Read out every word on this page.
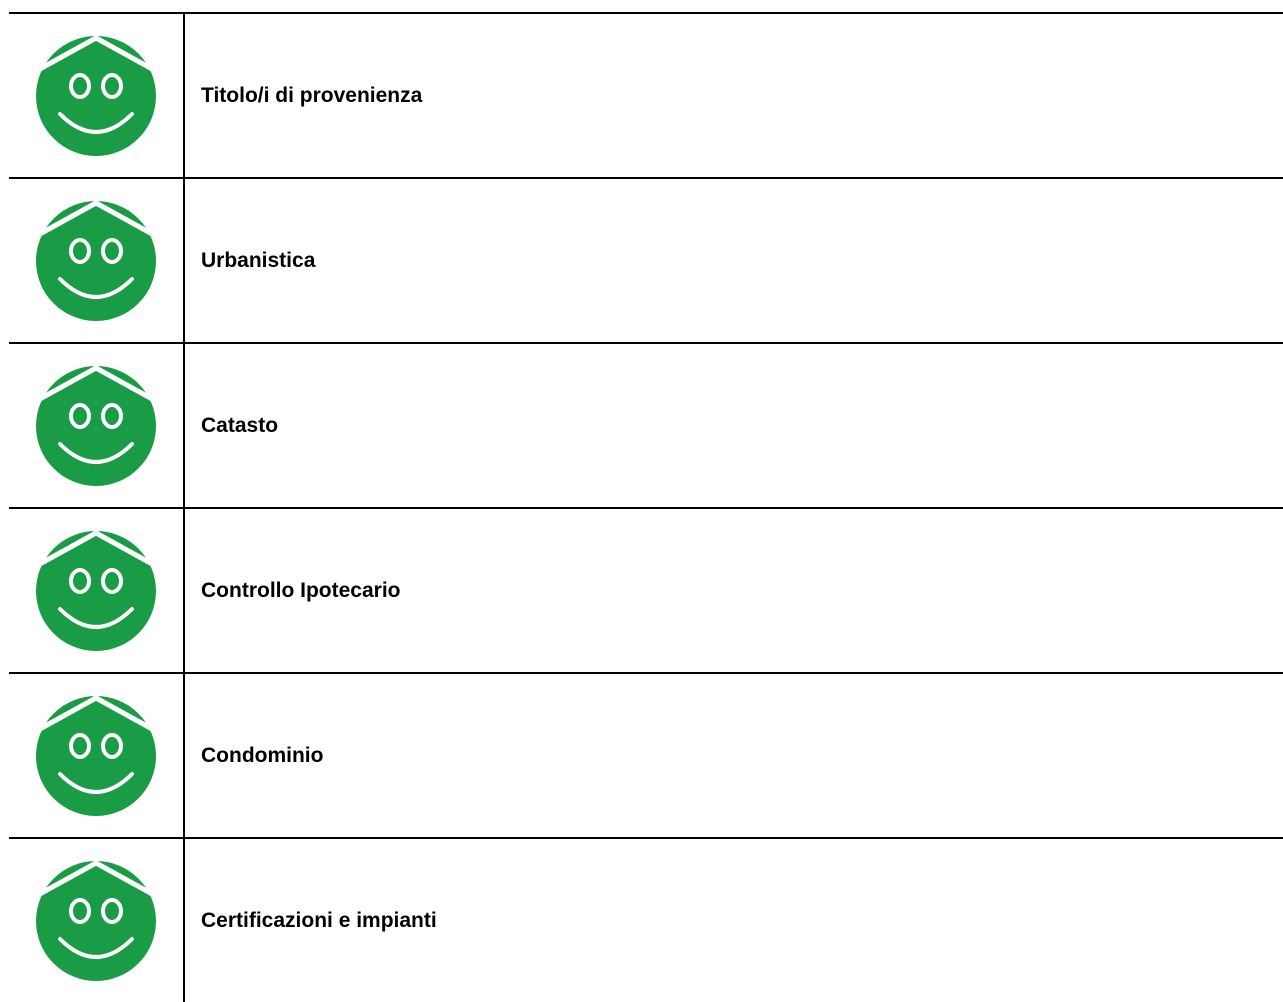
	Titolo/i di provenienza

	Urbanistica

	Catasto

	Controllo Ipotecario

	Condominio

	Certificazioni e impianti
